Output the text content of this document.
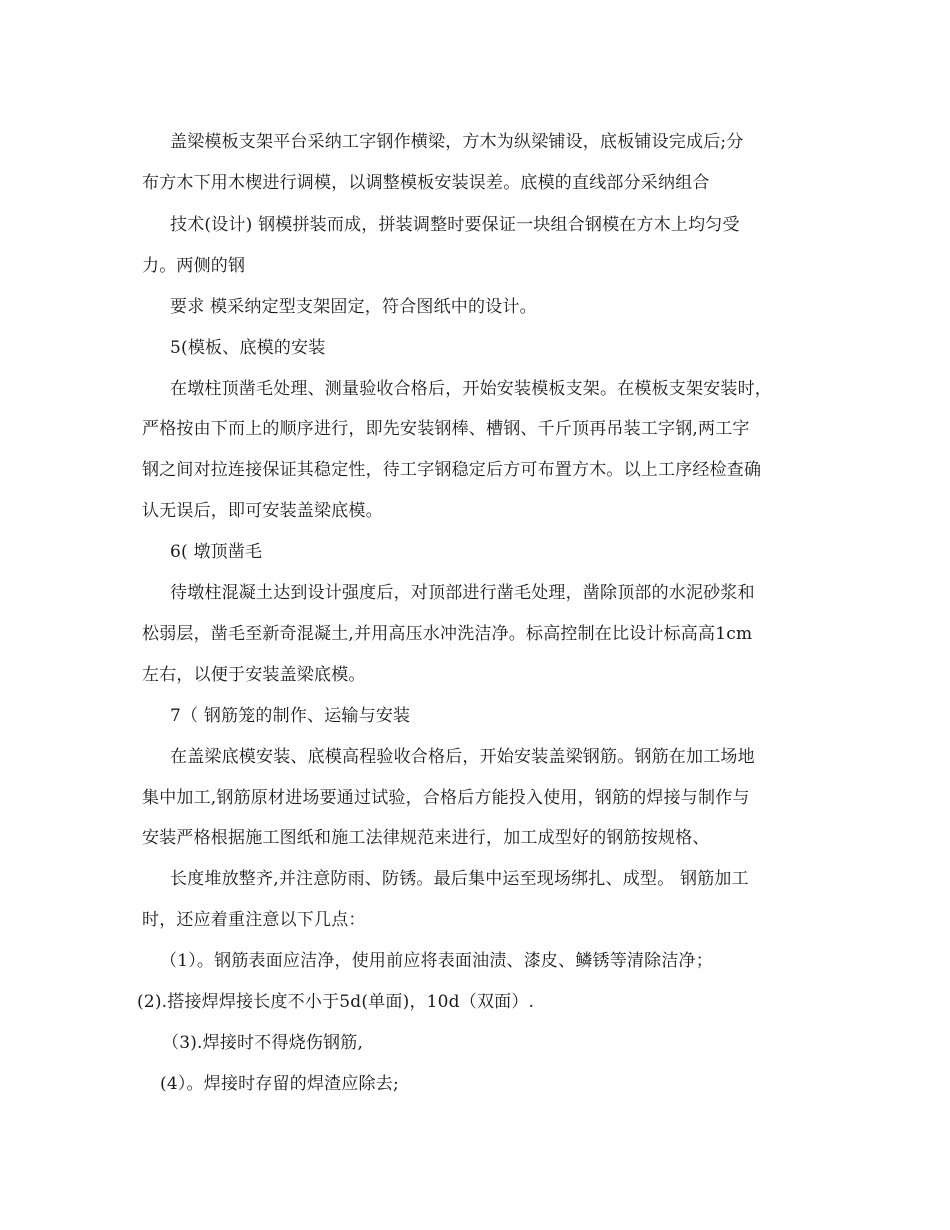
盖梁模板支架平台采纳工字钢作横梁，方木为纵梁铺设，底板铺设完成后;分
布方木下用木楔进行调模，以调整模板安装误差。底模的直线部分采纳组合
技术(设计) 钢模拼装而成，拼装调整时要保证一块组合钢模在方木上均匀受
力。两侧的钢
要求 模采纳定型支架固定，符合图纸中的设计。
5(模板、底模的安装
在墩柱顶凿毛处理、测量验收合格后，开始安装模板支架。在模板支架安装时，
严格按由下而上的顺序进行，即先安装钢棒、槽钢、千斤顶再吊装工字钢,两工字
钢之间对拉连接保证其稳定性，待工字钢稳定后方可布置方木。以上工序经检查确
认无误后，即可安装盖梁底模。
6( 墩顶凿毛
待墩柱混凝土达到设计强度后，对顶部进行凿毛处理，凿除顶部的水泥砂浆和
松弱层，凿毛至新奇混凝土,并用高压水冲洗洁净。标高控制在比设计标高高1cm
左右，以便于安装盖梁底模。
7（ 钢筋笼的制作、运输与安装
在盖梁底模安装、底模高程验收合格后，开始安装盖梁钢筋。钢筋在加工场地
集中加工,钢筋原材进场要通过试验，合格后方能投入使用，钢筋的焊接与制作与
安装严格根据施工图纸和施工法律规范来进行，加工成型好的钢筋按规格、
长度堆放整齐,并注意防雨、防锈。最后集中运至现场绑扎、成型。 钢筋加工
时，还应着重注意以下几点：
（1）。钢筋表面应洁净，使用前应将表面油渍、漆皮、鳞锈等清除洁净；
(2).搭接焊焊接长度不小于5d(单面)，10d（双面）.
（3).焊接时不得烧伤钢筋,
(4）。焊接时存留的焊渣应除去;
